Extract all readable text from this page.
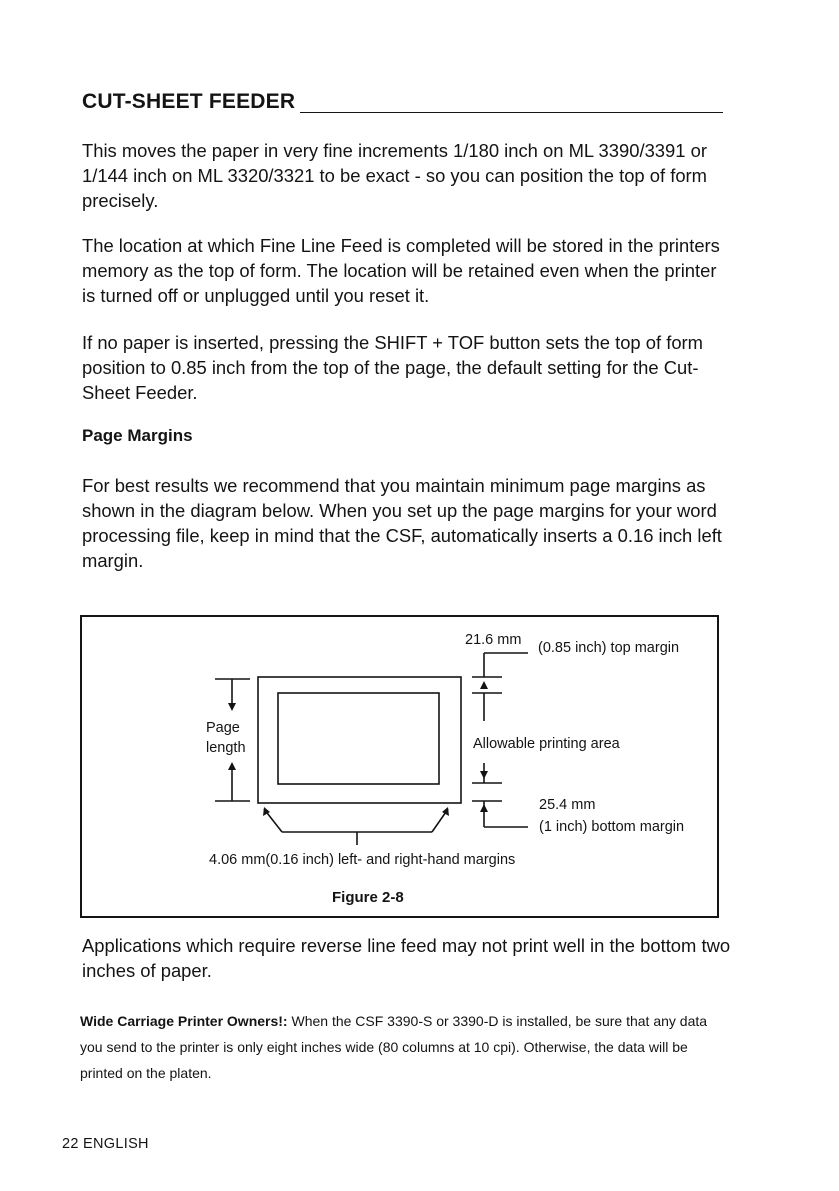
CUT-SHEET FEEDER

This moves the paper in very fine increments 1/180 inch on ML 3390/3391 or 1/144 inch on ML 3320/3321 to be exact - so you can position the top of form precisely.

The location at which Fine Line Feed is completed will be stored in the printers memory as the top of form. The location will be retained even when the printer is turned off or unplugged until you reset it.

If no paper is inserted, pressing the SHIFT + TOF button sets the top of form position to 0.85 inch from the top of the page, the default setting for the Cut-Sheet Feeder.

Page Margins

For best results we recommend that you maintain minimum page margins as shown in the diagram below. When you set up the page margins for your word processing file, keep in mind that the CSF, automatically inserts a 0.16 inch left margin.

21.6 mm (0.85 inch) top margin
Page
length	Allowable printing area
25.4 mm
(1 inch) bottom margin
4.06 mm(0.16 inch) left- and right-hand margins
Figure 2-8

Applications which require reverse line feed may not print well in the bottom two inches of paper.

Wide Carriage Printer Owners!: When the CSF 3390-S or 3390-D is installed, be sure that any data you send to the printer is only eight inches wide (80 columns at 10 cpi). Otherwise, the data will be printed on the platen.

22 ENGLISH
